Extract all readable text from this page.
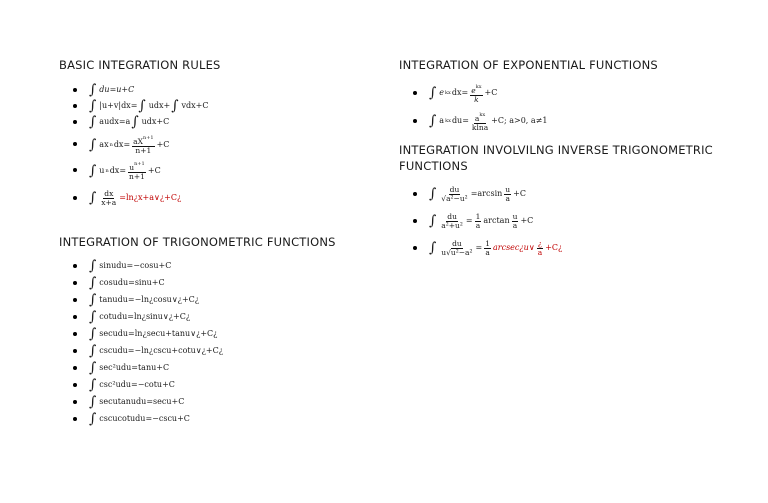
BASIC INTEGRATION RULES
∫ du=u+C
∫ |u+v|dx= ∫ udx+ ∫ vdx+C
∫ audx=a ∫ udx+C
∫ ax n $dx= \frac{aX^{n+1}}{n+1} +C$
∫ u n $dx= \frac{u^{n+1}}{n+1} +C$
∫ $\frac{dx}{x+a}$ =ln¿x+a∨¿+C¿
INTEGRATION OF TRIGONOMETRIC FUNCTIONS
∫ sinudu=−cosu+C
∫ cosudu=sinu+C
∫ tanudu=−ln¿cosu∨¿+C¿
∫ cotudu=ln¿sinu∨¿+C¿
∫ secudu=ln¿secu+tanu∨¿+C¿
∫ cscudu=−ln¿cscu+cotu∨¿+C¿
∫ sec²udu=tanu+C
∫ csc²udu=−cotu+C
∫ secutanudu=secu+C
∫ cscucotudu=−cscu+C
INTEGRATION OF EXPONENTIAL FUNCTIONS
∫ e kx $dx= \frac{e^{kx}}{k} +C$
∫ a kx $du= \frac{a^{kx}}{klna} +C$; a>0, a≠1
INTEGRATION INVOLVILNG INVERSE TRIGONOMETRIC
FUNCTIONS
∫ $\frac{du}{\text{√a²−u²}} =\arcsin \frac{u}{a} +C$
∫ $\frac{du}{\text{a²+u²}} = \frac{1}{a}$ $\arctan \frac{u}{a} +C$
∫ $\frac{du}{\text{u√u²−a²}} = \frac{1}{a}$ arcsec¿u∨ $\frac{¿}{a}$ +C¿
